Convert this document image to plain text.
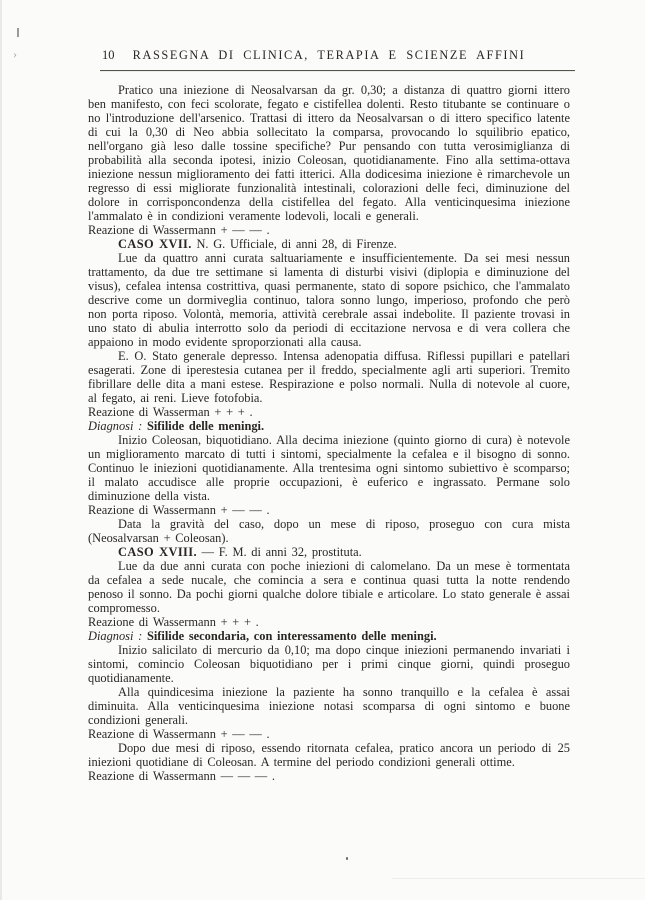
›	10	RASSEGNA DI CLINICA, TERAPIA E SCIENZE AFFINI

Pratico una iniezione di Neosalvarsan da gr. 0,30; a distanza di quattro giorni ittero ben manifesto, con feci scolorate, fegato e cistifellea dolenti. Resto titubante se continuare o no l'introduzione dell'arsenico. Trattasi di ittero da Neosalvarsan o di ittero specifico latente di cui la 0,30 di Neo abbia sollecitato la comparsa, provocando lo squilibrio epatico, nell'organo già leso dalle tossine specifiche? Pur pensando con tutta verosimiglianza di probabilità alla seconda ipotesi, inizio Coleosan, quotidianamente. Fino alla settima-ottava iniezione nessun miglioramento dei fatti itterici. Alla dodicesima iniezione è rimarchevole un regresso di essi migliorate funzionalità intestinali, colorazioni delle feci, diminuzione del dolore in corrisponcondenza della cistifellea del fegato. Alla venticinquesima iniezione l'ammalato è in condizioni veramente lodevoli, locali e generali.

Reazione di Wassermann + — — .

CASO XVII. N. G. Ufficiale, di anni 28, di Firenze.

Lue da quattro anni curata saltuariamente e insufficientemente. Da sei mesi nessun trattamento, da due tre settimane si lamenta di disturbi visivi (diplopia e diminuzione del visus), cefalea intensa costrittiva, quasi permanente, stato di sopore psichico, che l'ammalato descrive come un dormiveglia continuo, talora sonno lungo, imperioso, profondo che però non porta riposo. Volontà, memoria, attività cerebrale assai indebolite. Il paziente trovasi in uno stato di abulia interrotto solo da periodi di eccitazione nervosa e di vera collera che appaiono in modo evidente sproporzionati alla causa.

E. O. Stato generale depresso. Intensa adenopatia diffusa. Riflessi pupillari e patellari esagerati. Zone di iperestesia cutanea per il freddo, specialmente agli arti superiori. Tremito fibrillare delle dita a mani estese. Respirazione e polso normali. Nulla di notevole al cuore, al fegato, ai reni. Lieve fotofobia.

Reazione di Wasserman + + + .

Diagnosi : Sifilide delle meningi.

Inizio Coleosan, biquotidiano. Alla decima iniezione (quinto giorno di cura) è notevole un miglioramento marcato di tutti i sintomi, specialmente la cefalea e il bisogno di sonno. Continuo le iniezioni quotidianamente. Alla trentesima ogni sintomo subiettivo è scomparso; il malato accudisce alle proprie occupazioni, è euferico e ingrassato. Permane solo diminuzione della vista.

Reazione di Wassermann + — — .

Data la gravità del caso, dopo un mese di riposo, proseguo con cura mista (Neosalvarsan + Coleosan).

CASO XVIII. — F. M. di anni 32, prostituta.

Lue da due anni curata con poche iniezioni di calomelano. Da un mese è tormentata da cefalea a sede nucale, che comincia a sera e continua quasi tutta la notte rendendo penoso il sonno. Da pochi giorni qualche dolore tibiale e articolare. Lo stato generale è assai compromesso.

Reazione di Wassermann + + + .

Diagnosi : Sifilide secondaria, con interessamento delle meningi.

Inizio salicilato di mercurio da 0,10; ma dopo cinque iniezioni permanendo invariati i sintomi, comincio Coleosan biquotidiano per i primi cinque giorni, quindi proseguo quotidianamente.

Alla quindicesima iniezione la paziente ha sonno tranquillo e la cefalea è assai diminuita. Alla venticinquesima iniezione notasi scomparsa di ogni sintomo e buone condizioni generali.

Reazione di Wassermann + — — .

Dopo due mesi di riposo, essendo ritornata cefalea, pratico ancora un periodo di 25 iniezioni quotidiane di Coleosan. A termine del periodo condizioni generali ottime.

Reazione di Wassermann — — — .
